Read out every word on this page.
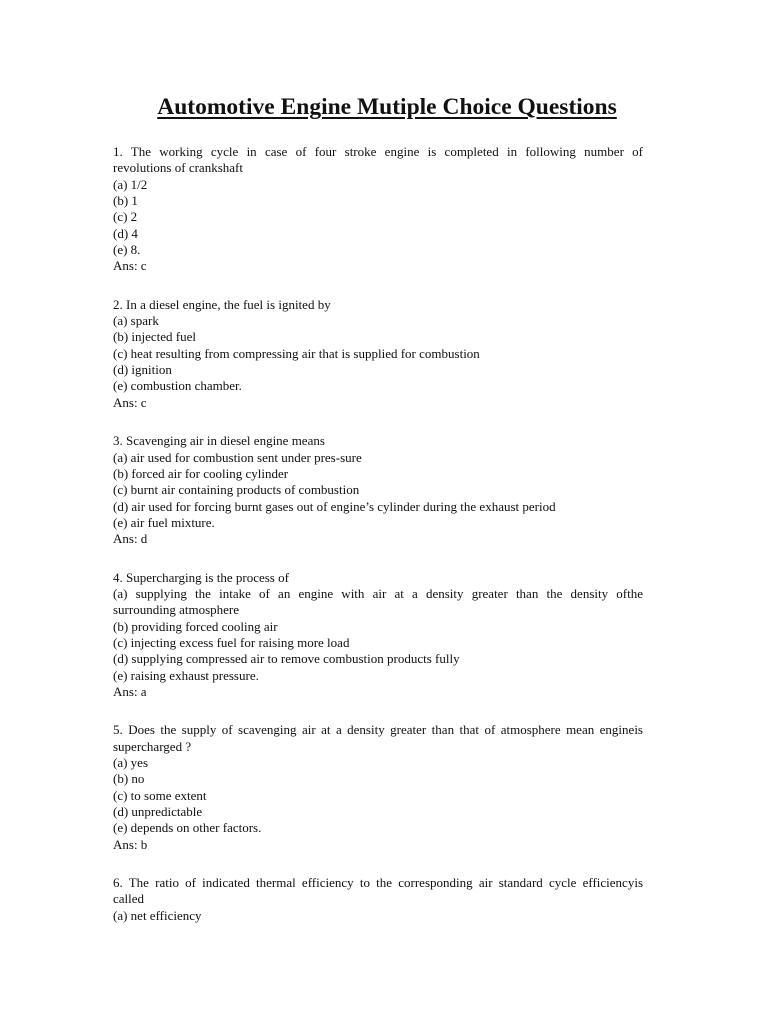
Automotive Engine Mutiple Choice Questions
1. The working cycle in case of four stroke engine is completed in following number of
revolutions of crankshaft
(a) 1/2
(b) 1
(c) 2
(d) 4
(e) 8.
Ans: c
2. In a diesel engine, the fuel is ignited by
(a) spark
(b) injected fuel
(c) heat resulting from compressing air that is supplied for combustion
(d) ignition
(e) combustion chamber.
Ans: c
3. Scavenging air in diesel engine means
(a) air used for combustion sent under pres-sure
(b) forced air for cooling cylinder
(c) burnt air containing products of combustion
(d) air used for forcing burnt gases out of engine’s cylinder during the exhaust period
(e) air fuel mixture.
Ans: d
4. Supercharging is the process of
(a) supplying the intake of an engine with air at a density greater than the density ofthe
surrounding atmosphere
(b) providing forced cooling air
(c) injecting excess fuel for raising more load
(d) supplying compressed air to remove combustion products fully
(e) raising exhaust pressure.
Ans: a
5. Does the supply of scavenging air at a density greater than that of atmosphere mean engineis
supercharged ?
(a) yes
(b) no
(c) to some extent
(d) unpredictable
(e) depends on other factors.
Ans: b
6. The ratio of indicated thermal efficiency to the corresponding air standard cycle efficiencyis
called
(a) net efficiency
